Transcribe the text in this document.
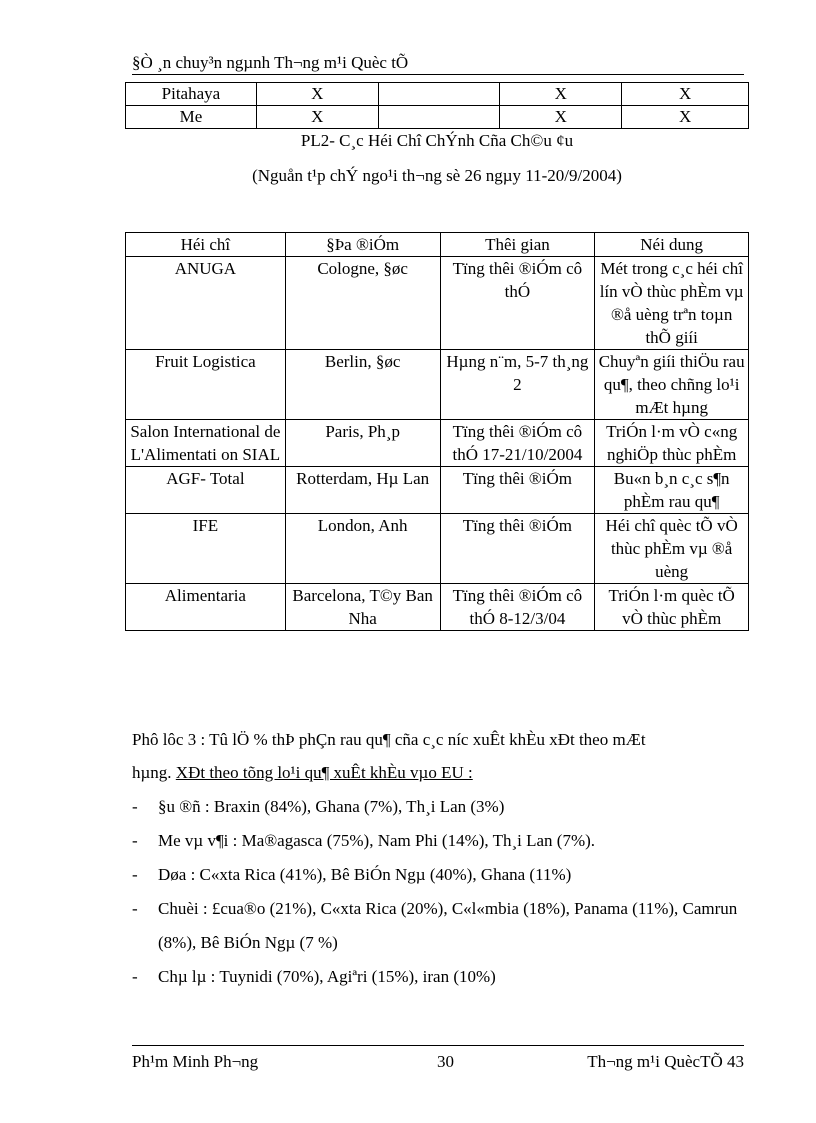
§Ò ¸n chuy³n ngµnh Th¬ng m¹i Quèc tÕ
Pitahaya	X		X	X
Me	X		X	X
PL2- C¸c Héi Chî ChÝnh Cña Ch©u ¢u
(Nguån t¹p chÝ ngo¹i th¬ng sè 26 ngµy 11-20/9/2004)
Héi chî	§Þa ®iÓm	Thêi gian	Néi dung
ANUGA	Cologne, §øc	Tïng thêi ®iÓm cô thÓ	Mét trong c¸c héi chî lín vÒ thùc phÈm vµ ®å uèng trªn toµn thÕ giíi
Fruit Logistica	Berlin, §øc	Hµng n¨m, 5-7 th¸ng 2	Chuyªn giíi thiÖu rau qu¶, theo chñng lo¹i mÆt hµng
Salon International de L'Alimentati on SIAL	Paris, Ph¸p	Tïng thêi ®iÓm cô thÓ 17-21/10/2004	TriÓn l·m vÒ c«ng nghiÖp thùc phÈm
AGF- Total	Rotterdam, Hµ Lan	Tïng thêi ®iÓm	Bu«n b¸n c¸c s¶n phÈm rau qu¶
IFE	London, Anh	Tïng thêi ®iÓm	Héi chî quèc tÕ vÒ thùc phÈm vµ ®å uèng
Alimentaria	Barcelona, T©y Ban Nha	Tïng thêi ®iÓm cô thÓ 8-12/3/04	TriÓn l·m quèc tÕ vÒ thùc phÈm
Phô lôc 3 : Tû lÖ % thÞ phÇn rau qu¶ cña c¸c níc xuÊt khÈu xÐt theo mÆt
hµng. XÐt theo tõng lo¹i qu¶ xuÊt khÈu vµo EU :
- §u ®ñ : Braxin (84%), Ghana (7%), Th¸i Lan (3%)
- Me vµ v¶i : Ma®agasca (75%), Nam Phi (14%), Th¸i Lan (7%).
- Døa : C«xta Rica (41%), Bê BiÓn Ngµ (40%), Ghana (11%)
- Chuèi : £cua®o (21%), C«xta Rica (20%), C«l«mbia (18%), Panama (11%), Camrun (8%), Bê BiÓn Ngµ (7 %)
- Chµ lµ : Tuynidi (70%), Agiªri (15%), iran (10%)
Ph¹m Minh Ph¬ng	30	Th¬ng m¹i QuècTÕ 43
